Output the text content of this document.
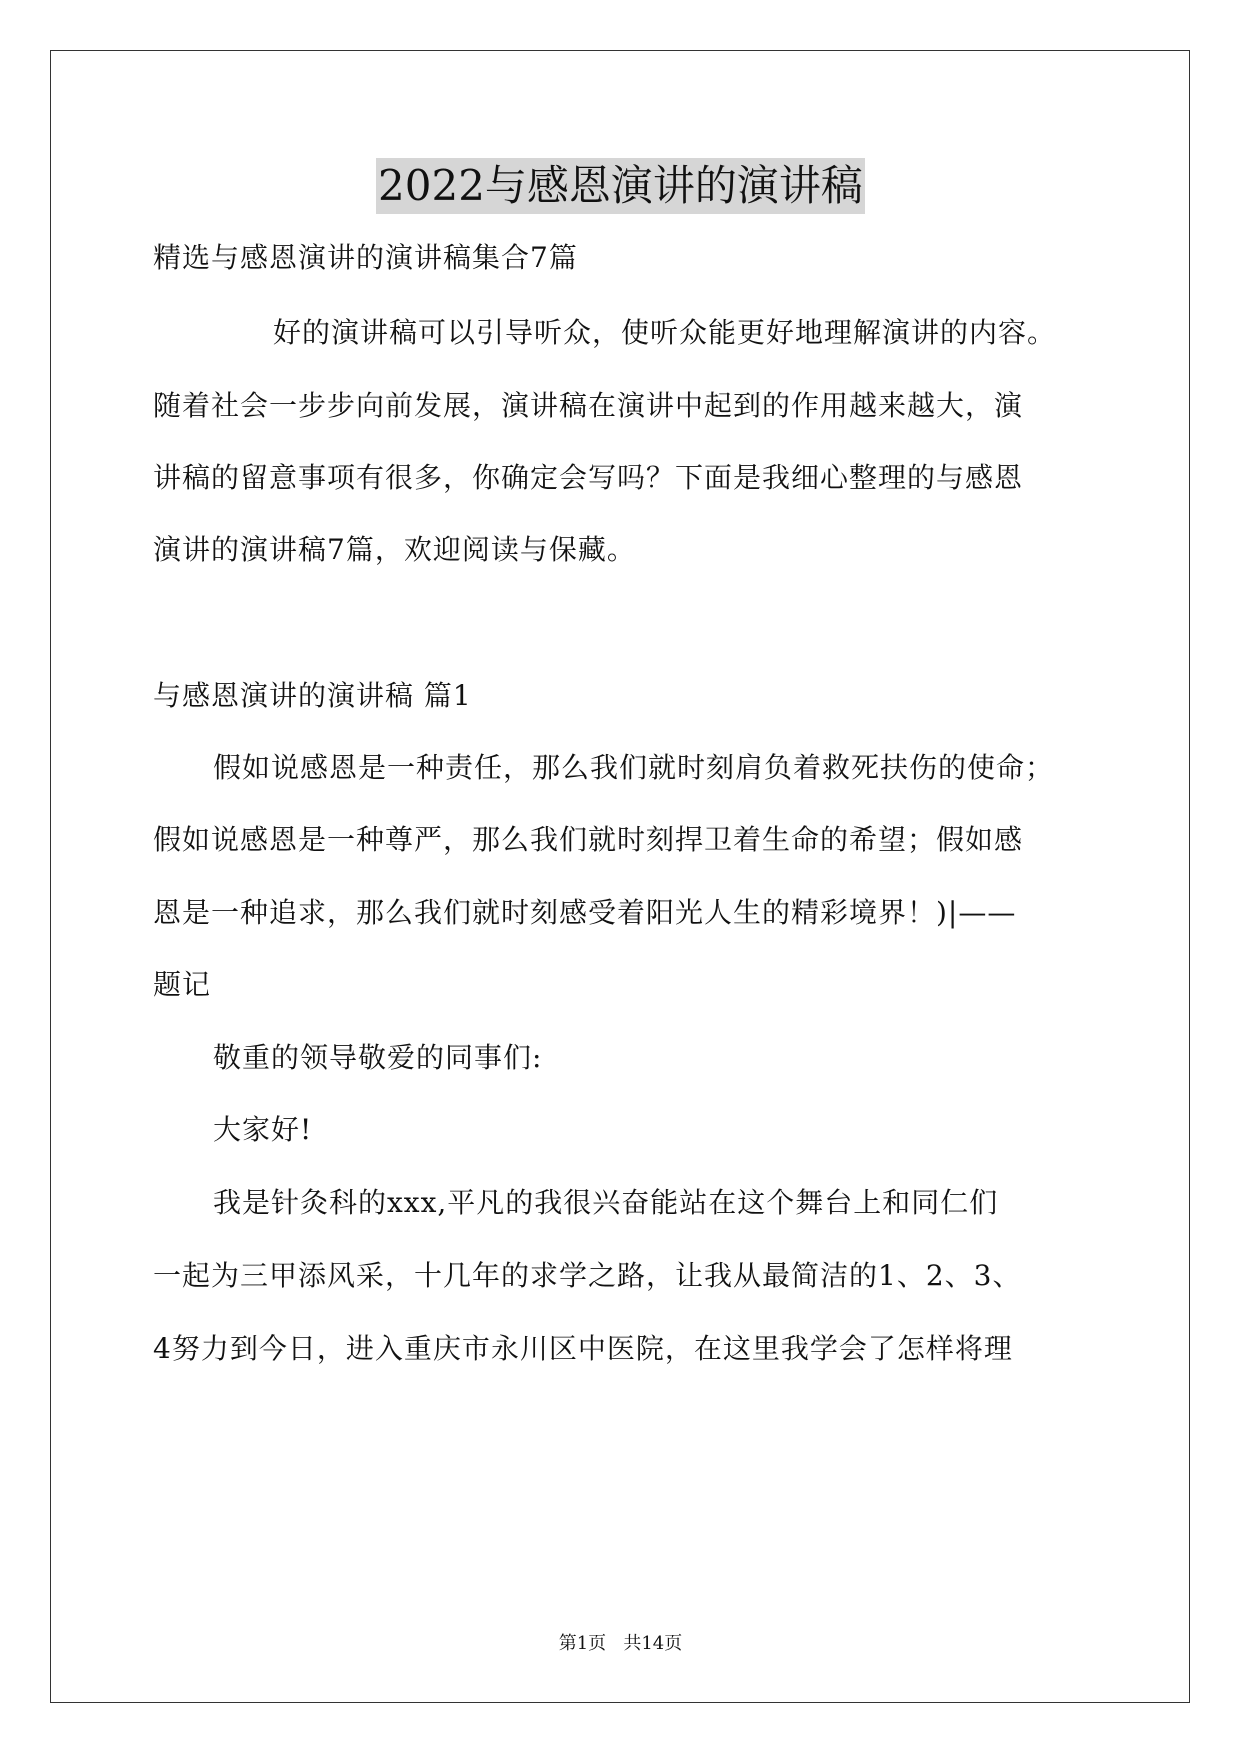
2022与感恩演讲的演讲稿
精选与感恩演讲的演讲稿集合7篇
好的演讲稿可以引导听众，使听众能更好地理解演讲的内容。
随着社会一步步向前发展，演讲稿在演讲中起到的作用越来越大，演
讲稿的留意事项有很多，你确定会写吗？下面是我细心整理的与感恩
演讲的演讲稿7篇，欢迎阅读与保藏。
与感恩演讲的演讲稿 篇1
假如说感恩是一种责任，那么我们就时刻肩负着救死扶伤的使命；
假如说感恩是一种尊严，那么我们就时刻捍卫着生命的希望；假如感
恩是一种追求，那么我们就时刻感受着阳光人生的精彩境界！)|——
题记
敬重的领导敬爱的同事们:
大家好!
我是针灸科的xxx,平凡的我很兴奋能站在这个舞台上和同仁们
一起为三甲添风采，十几年的求学之路，让我从最简洁的1、2、3、
4努力到今日，进入重庆市永川区中医院，在这里我学会了怎样将理
第1页   共14页
